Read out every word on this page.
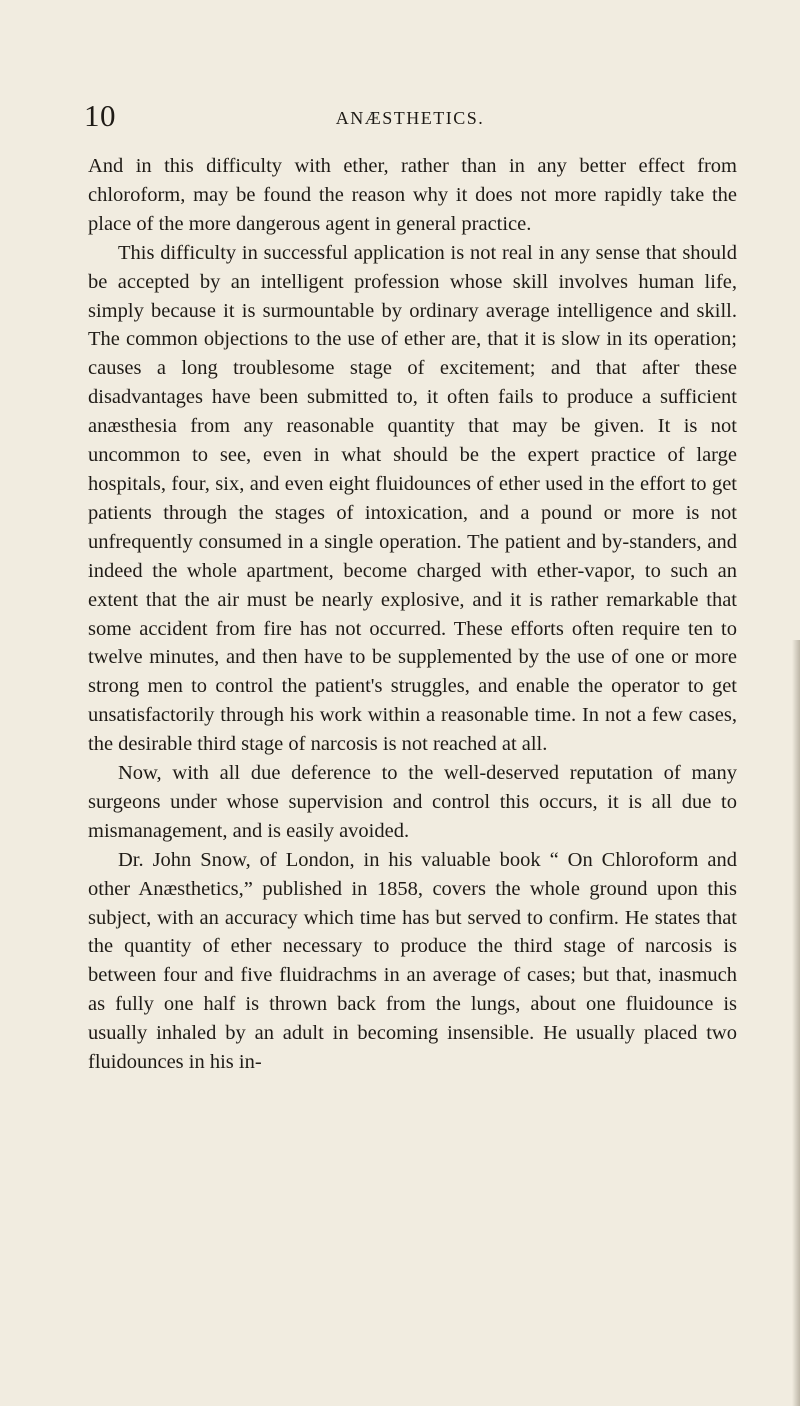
10	ANÆSTHETICS.

And in this difficulty with ether, rather than in any better effect from chloroform, may be found the reason why it does not more rapidly take the place of the more dangerous agent in general practice.

This difficulty in successful application is not real in any sense that should be accepted by an intelligent profession whose skill involves human life, simply because it is surmountable by ordinary average intelligence and skill. The common objections to the use of ether are, that it is slow in its operation; causes a long troublesome stage of excitement; and that after these disadvantages have been submitted to, it often fails to produce a sufficient anæsthesia from any reasonable quantity that may be given. It is not uncommon to see, even in what should be the expert practice of large hospitals, four, six, and even eight fluidounces of ether used in the effort to get patients through the stages of intoxication, and a pound or more is not unfrequently consumed in a single operation. The patient and by-standers, and indeed the whole apartment, become charged with ether-vapor, to such an extent that the air must be nearly explosive, and it is rather remarkable that some accident from fire has not occurred. These efforts often require ten to twelve minutes, and then have to be supplemented by the use of one or more strong men to control the patient's struggles, and enable the operator to get unsatisfactorily through his work within a reasonable time. In not a few cases, the desirable third stage of narcosis is not reached at all.

Now, with all due deference to the well-deserved reputation of many surgeons under whose supervision and control this occurs, it is all due to mismanagement, and is easily avoided.

Dr. John Snow, of London, in his valuable book “ On Chloroform and other Anæsthetics,” published in 1858, covers the whole ground upon this subject, with an accuracy which time has but served to confirm. He states that the quantity of ether necessary to produce the third stage of narcosis is between four and five fluidrachms in an average of cases; but that, inasmuch as fully one half is thrown back from the lungs, about one fluidounce is usually inhaled by an adult in becoming insensible. He usually placed two fluidounces in his in-
